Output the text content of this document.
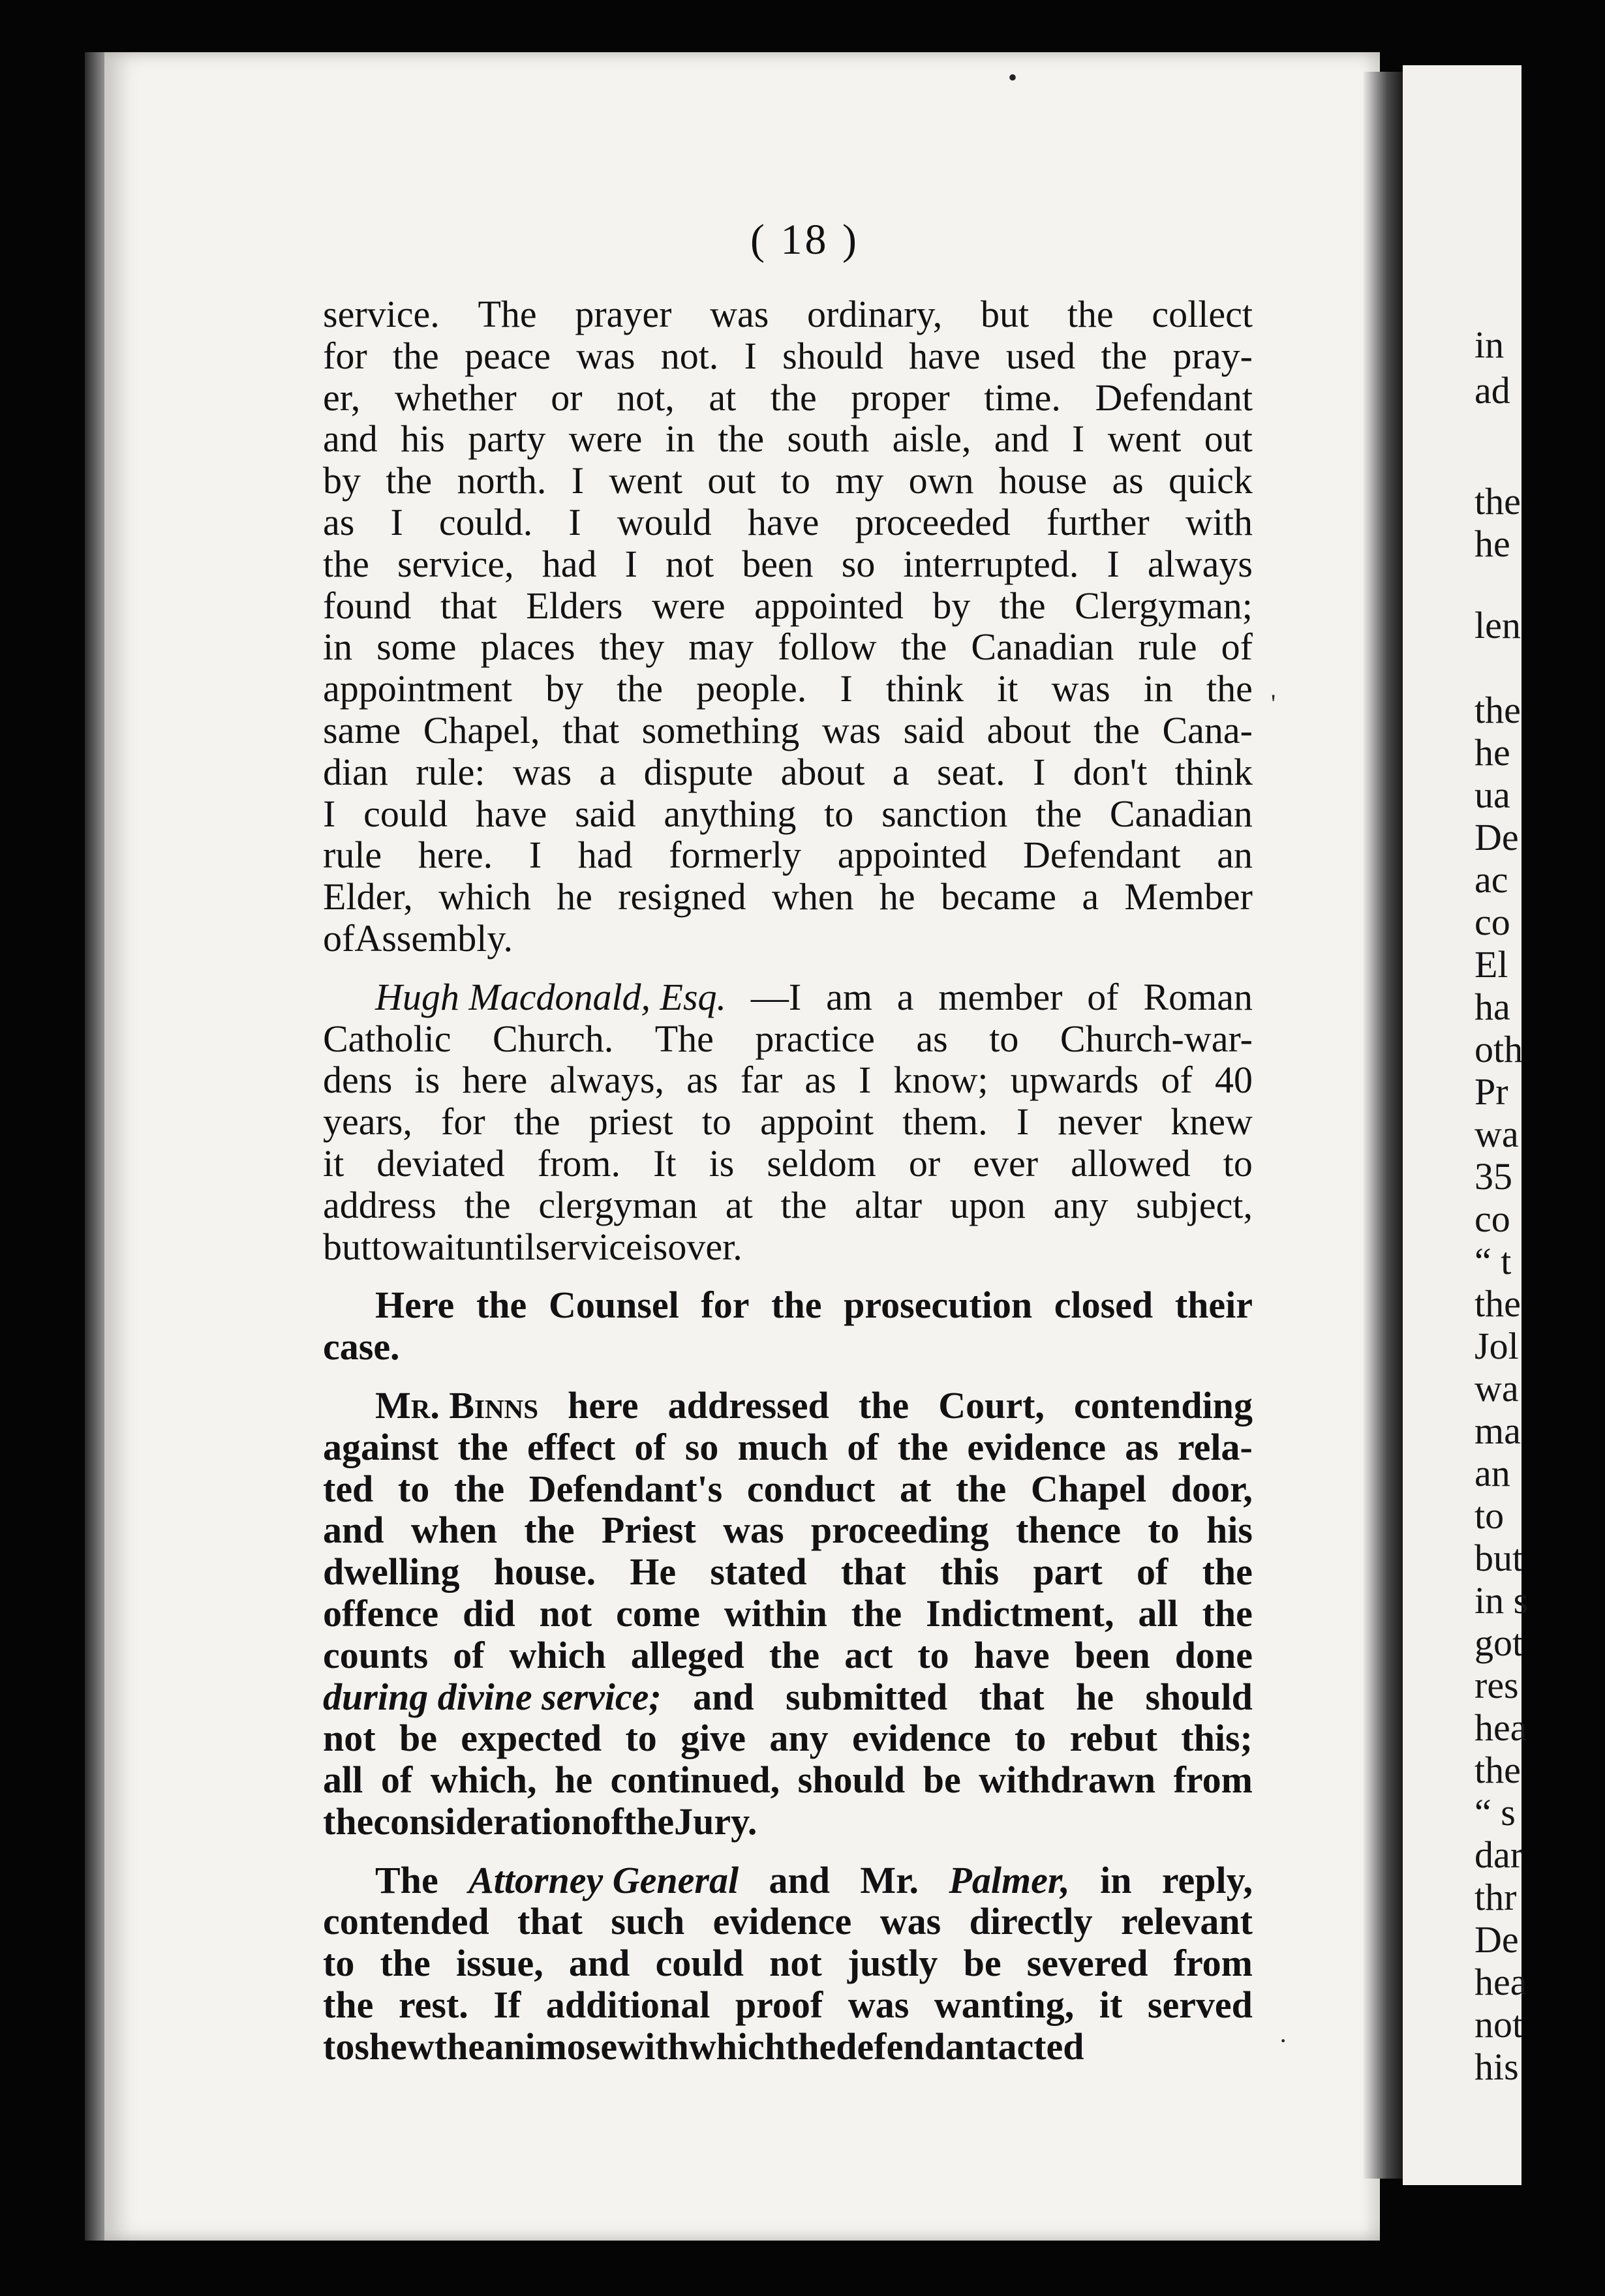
in
ad
the
he
len
the
he
ua
De
ac
co
El
ha
oth
Pr
wa
35
co
“ t
the
Jol
wa
ma
an
to
but
in s
got
res
hea
the
“ s
dar
thr
De
hea
not
his
( 18 )
service. The prayer was ordinary, but the collect
for the peace was not. I should have used the pray-
er, whether or not, at the proper time. Defendant
and his party were in the south aisle, and I went out
by the north. I went out to my own house as quick
as I could. I would have proceeded further with
the service, had I not been so interrupted. I always
found that Elders were appointed by the Clergyman;
in some places they may follow the Canadian rule of
appointment by the people. I think it was in the
same Chapel, that something was said about the Cana-
dian rule: was a dispute about a seat. I don't think
I could have said anything to sanction the Canadian
rule here. I had formerly appointed Defendant an
Elder, which he resigned when he became a Member
of Assembly.
Hugh Macdonald, Esq. —I am a member of Roman
Catholic Church. The practice as to Church-war-
dens is here always, as far as I know; upwards of 40
years, for the priest to appoint them. I never knew
it deviated from. It is seldom or ever allowed to
address the clergyman at the altar upon any subject,
but to wait until service is over.
Here the Counsel for the prosecution closed their
case.
Mr. Binns here addressed the Court, contending
against the effect of so much of the evidence as rela-
ted to the Defendant's conduct at the Chapel door,
and when the Priest was proceeding thence to his
dwelling house. He stated that this part of the
offence did not come within the Indictment, all the
counts of which alleged the act to have been done
during divine service; and submitted that he should
not be expected to give any evidence to rebut this;
all of which, he continued, should be withdrawn from
the consideration of the Jury.
The Attorney General and Mr. Palmer, in reply,
contended that such evidence was directly relevant
to the issue, and could not justly be severed from
the rest. If additional proof was wanting, it served
to shew the animose with which the defendant acted
•
'
·
